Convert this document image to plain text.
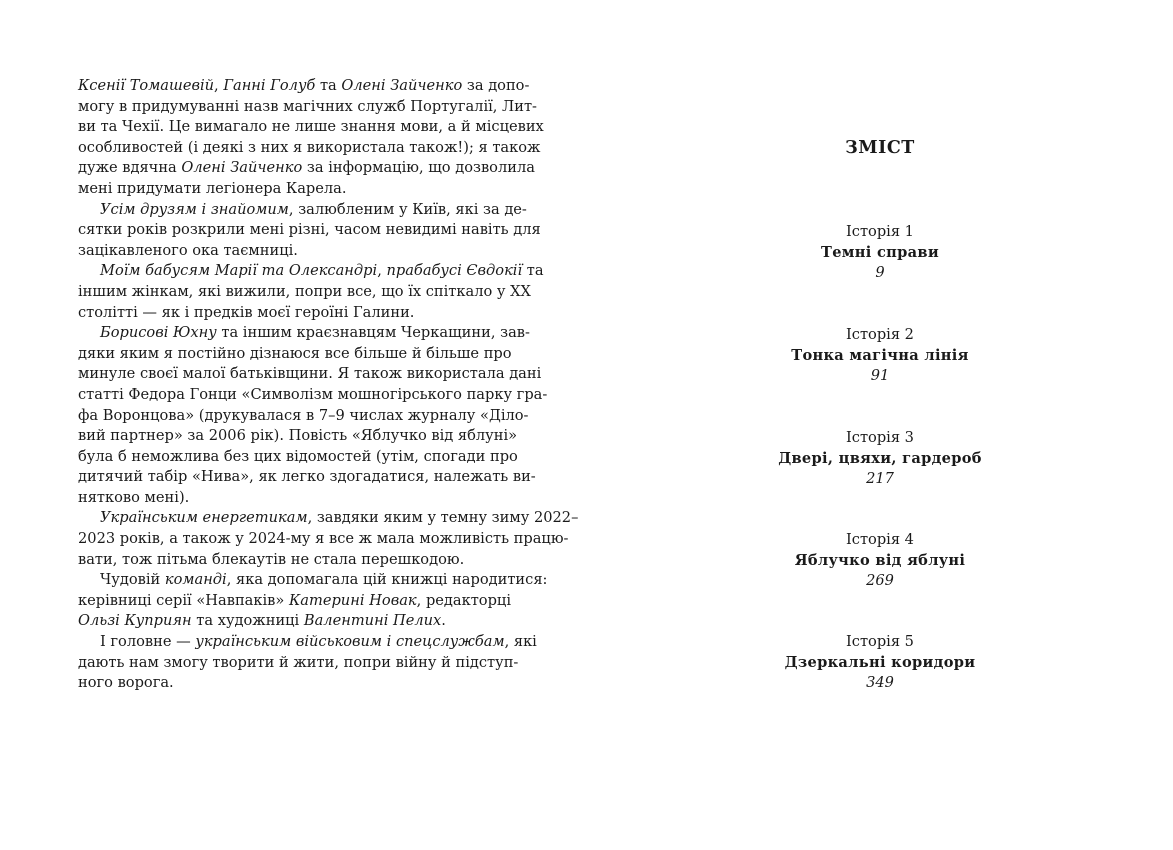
Ксенії Томашевій, Ганні Голуб та Олені Зайченко за допо-
могу в придумуванні назв магічних служб Португалії, Лит-
ви та Чехії. Це вимагало не лише знання мови, а й місцевих
особливостей (і деякі з них я використала також!); я також
дуже вдячна Олені Зайченко за інформацію, що дозволила
мені придумати легіонера Карела.
Усім друзям і знайомим, залюбленим у Київ, які за де-
сятки років розкрили мені різні, часом невидимі навіть для
зацікавленого ока таємниці.
Моїм бабусям Марії та Олександрі, прабабусі Євдокії та
іншим жінкам, які вижили, попри все, що їх спіткало у XX
столітті — як і предків моєї героїні Галини.
Борисові Юхну та іншим краєзнавцям Черкащини, зав-
дяки яким я постійно дізнаюся все більше й більше про
минуле своєї малої батьківщини. Я також використала дані
статті Федора Гонци «Символізм мошногірського парку гра-
фа Воронцова» (друкувалася в 7–9 числах журналу «Діло-
вий партнер» за 2006 рік). Повість «Яблучко від яблуні»
була б неможлива без цих відомостей (утім, спогади про
дитячий табір «Нива», як легко здогадатися, належать ви-
нятково мені).
Українським енергетикам, завдяки яким у темну зиму 2022–
2023 років, а також у 2024-му я все ж мала можливість працю-
вати, тож пітьма блекаутів не стала перешкодою.
Чудовій команді, яка допомагала цій книжці народитися:
керівниці серії «Навпаків» Катерині Новак, редакторці
Ользі Куприян та художниці Валентині Пелих.
І головне — українським військовим і спецслужбам, які
дають нам змогу творити й жити, попри війну й підступ-
ного ворога.
ЗМІСТ
Історія 1
Темні справи
9
Історія 2
Тонка магічна лінія
91
Історія 3
Двері, цвяхи, гардероб
217
Історія 4
Яблучко від яблуні
269
Історія 5
Дзеркальні коридори
349
